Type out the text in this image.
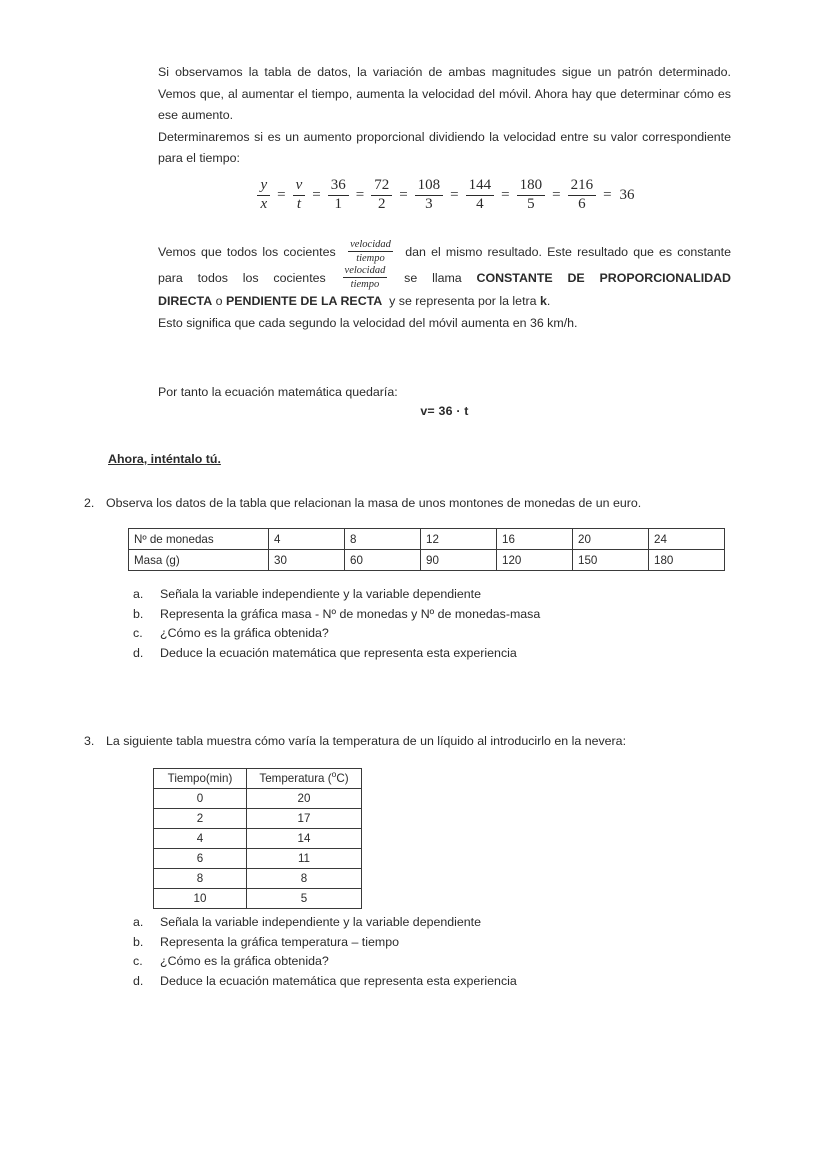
Si observamos la tabla de datos, la variación de ambas magnitudes sigue un patrón determinado. Vemos que, al aumentar el tiempo, aumenta la velocidad del móvil. Ahora hay que determinar cómo es ese aumento.

Determinaremos si es un aumento proporcional dividiendo la velocidad entre su valor correspondiente para el tiempo:

$\frac{y}{x} = \frac{v}{t} = \frac{36}{1} = \frac{72}{2} = \frac{108}{3} = \frac{144}{4} = \frac{180}{5} = \frac{216}{6} = 36$

Vemos que todos los cocientes $\frac{\text{velocidad}}{\text{tiempo}}$ dan el mismo resultado. Este resultado que es constante para todos los cocientes $\frac{\text{velocidad}}{\text{tiempo}}$ se llama CONSTANTE DE PROPORCIONALIDAD DIRECTA o PENDIENTE DE LA RECTA y se representa por la letra k.

Esto significa que cada segundo la velocidad del móvil aumenta en 36 km/h.

Por tanto la ecuación matemática quedaría:

v= 36 · t

Ahora, inténtalo tú.
2. Observa los datos de la tabla que relacionan la masa de unos montones de monedas de un euro.
Nº de monedas	4	8	12	16	20	24
Masa (g)	30	60	90	120	150	180
a.	Señala la variable independiente y la variable dependiente
b.	Representa la gráfica masa - Nº de monedas y Nº de monedas-masa
c.	¿Cómo es la gráfica obtenida?
d.	Deduce la ecuación matemática que representa esta experiencia
3. La siguiente tabla muestra cómo varía la temperatura de un líquido al introducirlo en la nevera:
Tiempo(min)	Temperatura ($^o$C)
0	20
2	17
4	14
6	11
8	8
10	5
a.	Señala la variable independiente y la variable dependiente
b.	Representa la gráfica temperatura – tiempo
c.	¿Cómo es la gráfica obtenida?
d.	Deduce la ecuación matemática que representa esta experiencia
